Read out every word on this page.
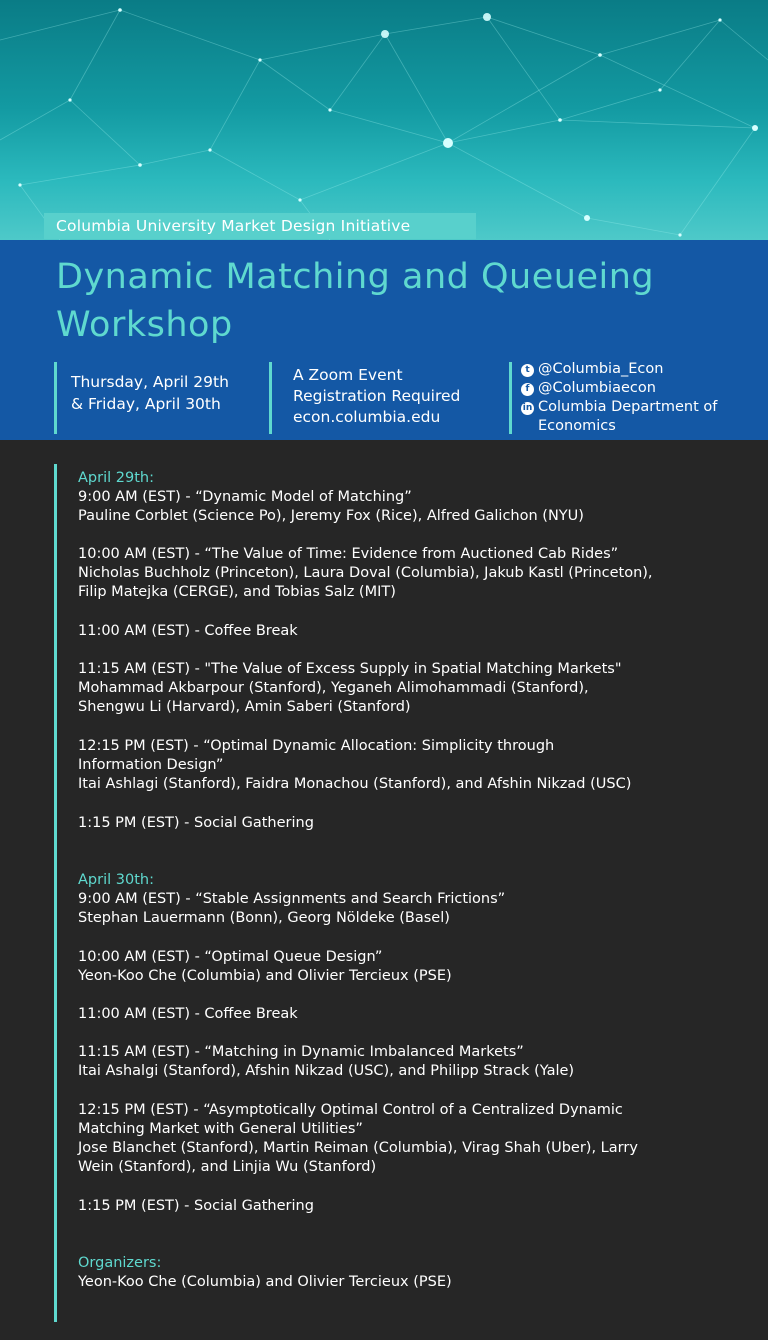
Columbia University Market Design Initiative
Dynamic Matching and Queueing
Workshop
Thursday, April 29th
& Friday, April 30th
A Zoom Event
Registration Required
econ.columbia.edu
t @Columbia_Econ
f @Columbiaecon
in Columbia Department of
Economics
April 29th:
9:00 AM (EST) - “Dynamic Model of Matching”
Pauline Corblet (Science Po), Jeremy Fox (Rice), Alfred Galichon (NYU)
10:00 AM (EST) - “The Value of Time: Evidence from Auctioned Cab Rides”
Nicholas Buchholz (Princeton), Laura Doval (Columbia), Jakub Kastl (Princeton),
Filip Matejka (CERGE), and Tobias Salz (MIT)
11:00 AM (EST) - Coffee Break
11:15 AM (EST) - "The Value of Excess Supply in Spatial Matching Markets"
Mohammad Akbarpour (Stanford), Yeganeh Alimohammadi (Stanford),
Shengwu Li (Harvard), Amin Saberi (Stanford)
12:15 PM (EST) - “Optimal Dynamic Allocation: Simplicity through
Information Design”
Itai Ashlagi (Stanford), Faidra Monachou (Stanford), and Afshin Nikzad (USC)
1:15 PM (EST) - Social Gathering
April 30th:
9:00 AM (EST) - “Stable Assignments and Search Frictions”
Stephan Lauermann (Bonn), Georg Nöldeke (Basel)
10:00 AM (EST) - “Optimal Queue Design”
Yeon-Koo Che (Columbia) and Olivier Tercieux (PSE)
11:00 AM (EST) - Coffee Break
11:15 AM (EST) - “Matching in Dynamic Imbalanced Markets”
Itai Ashalgi (Stanford), Afshin Nikzad (USC), and Philipp Strack (Yale)
12:15 PM (EST) - “Asymptotically Optimal Control of a Centralized Dynamic
Matching Market with General Utilities”
Jose Blanchet (Stanford), Martin Reiman (Columbia), Virag Shah (Uber), Larry
Wein (Stanford), and Linjia Wu (Stanford)
1:15 PM (EST) - Social Gathering
Organizers:
Yeon-Koo Che (Columbia) and Olivier Tercieux (PSE)
